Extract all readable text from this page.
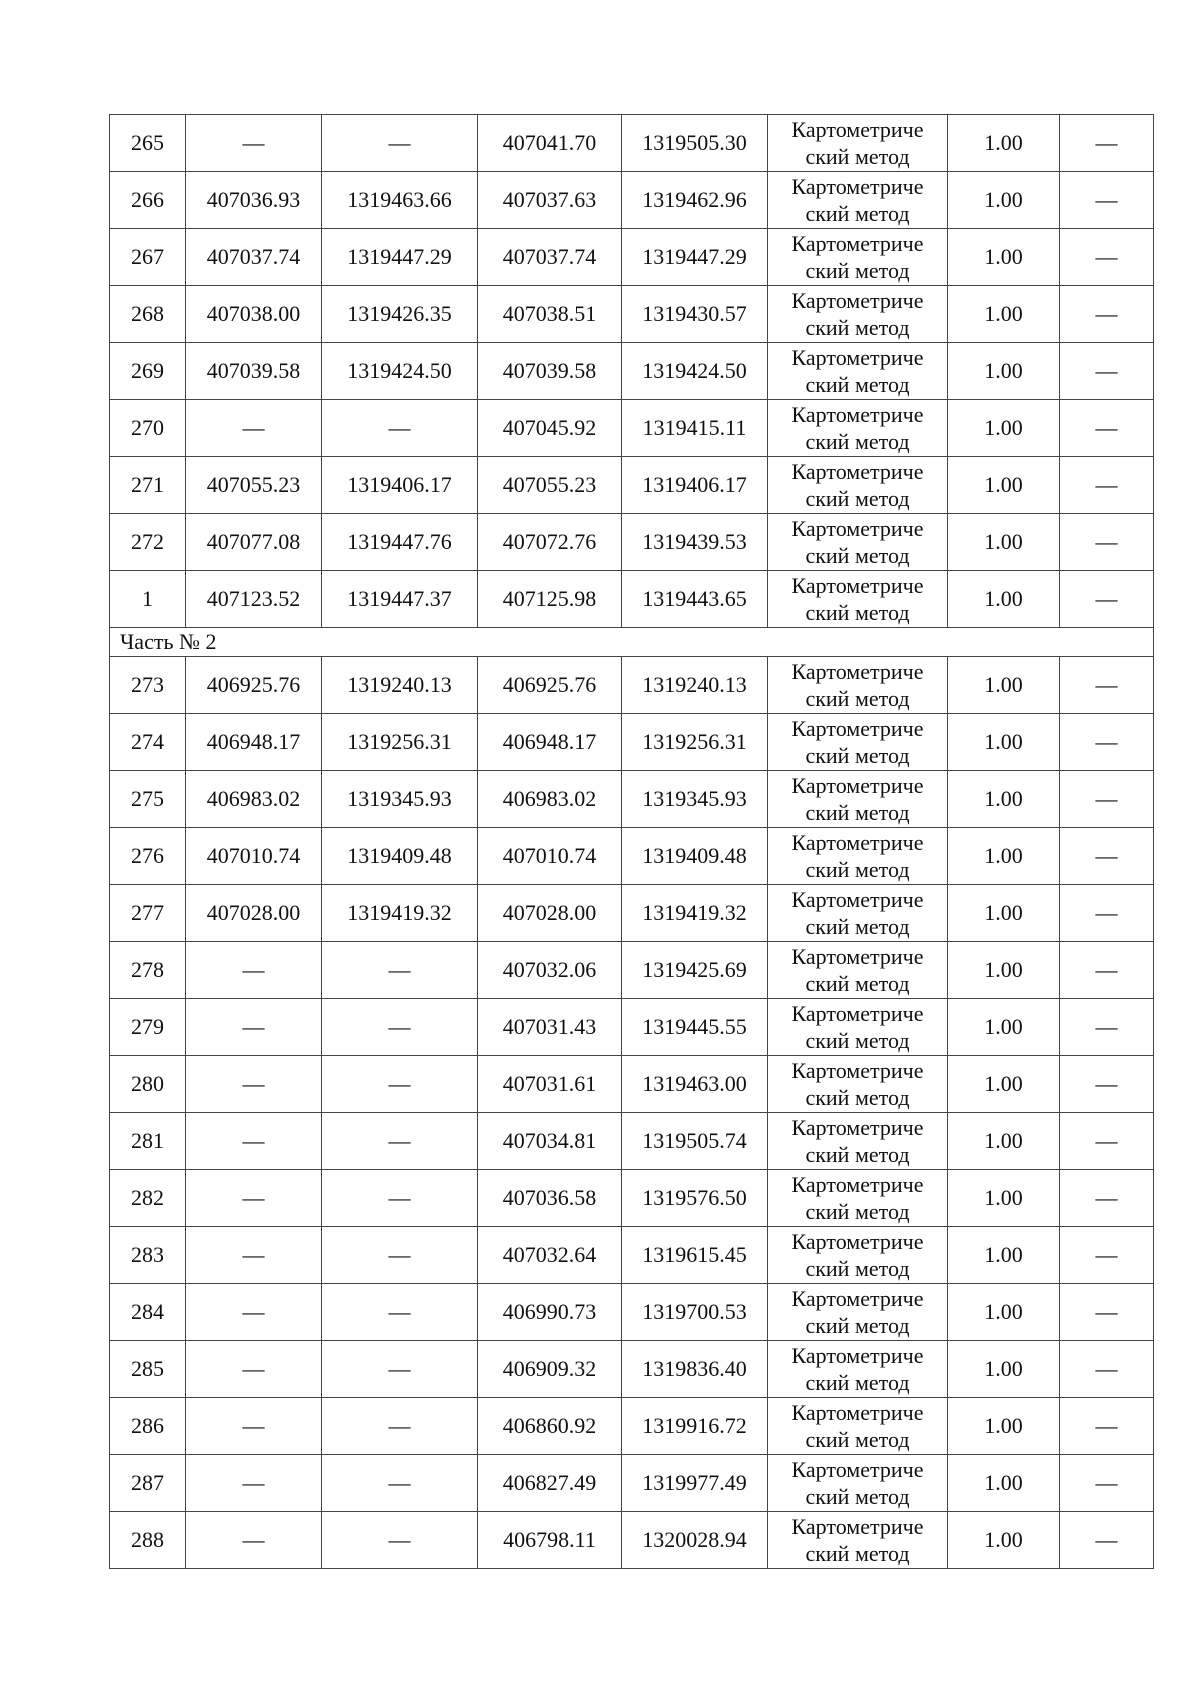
265	—	—	407041.70	1319505.30	Картометриче
ский метод	1.00	—
266	407036.93	1319463.66	407037.63	1319462.96	Картометриче
ский метод	1.00	—
267	407037.74	1319447.29	407037.74	1319447.29	Картометриче
ский метод	1.00	—
268	407038.00	1319426.35	407038.51	1319430.57	Картометриче
ский метод	1.00	—
269	407039.58	1319424.50	407039.58	1319424.50	Картометриче
ский метод	1.00	—
270	—	—	407045.92	1319415.11	Картометриче
ский метод	1.00	—
271	407055.23	1319406.17	407055.23	1319406.17	Картометриче
ский метод	1.00	—
272	407077.08	1319447.76	407072.76	1319439.53	Картометриче
ский метод	1.00	—
1	407123.52	1319447.37	407125.98	1319443.65	Картометриче
ский метод	1.00	—
Часть № 2							
273	406925.76	1319240.13	406925.76	1319240.13	Картометриче
ский метод	1.00	—
274	406948.17	1319256.31	406948.17	1319256.31	Картометриче
ский метод	1.00	—
275	406983.02	1319345.93	406983.02	1319345.93	Картометриче
ский метод	1.00	—
276	407010.74	1319409.48	407010.74	1319409.48	Картометриче
ский метод	1.00	—
277	407028.00	1319419.32	407028.00	1319419.32	Картометриче
ский метод	1.00	—
278	—	—	407032.06	1319425.69	Картометриче
ский метод	1.00	—
279	—	—	407031.43	1319445.55	Картометриче
ский метод	1.00	—
280	—	—	407031.61	1319463.00	Картометриче
ский метод	1.00	—
281	—	—	407034.81	1319505.74	Картометриче
ский метод	1.00	—
282	—	—	407036.58	1319576.50	Картометриче
ский метод	1.00	—
283	—	—	407032.64	1319615.45	Картометриче
ский метод	1.00	—
284	—	—	406990.73	1319700.53	Картометриче
ский метод	1.00	—
285	—	—	406909.32	1319836.40	Картометриче
ский метод	1.00	—
286	—	—	406860.92	1319916.72	Картометриче
ский метод	1.00	—
287	—	—	406827.49	1319977.49	Картометриче
ский метод	1.00	—
288	—	—	406798.11	1320028.94	Картометриче
ский метод	1.00	—
